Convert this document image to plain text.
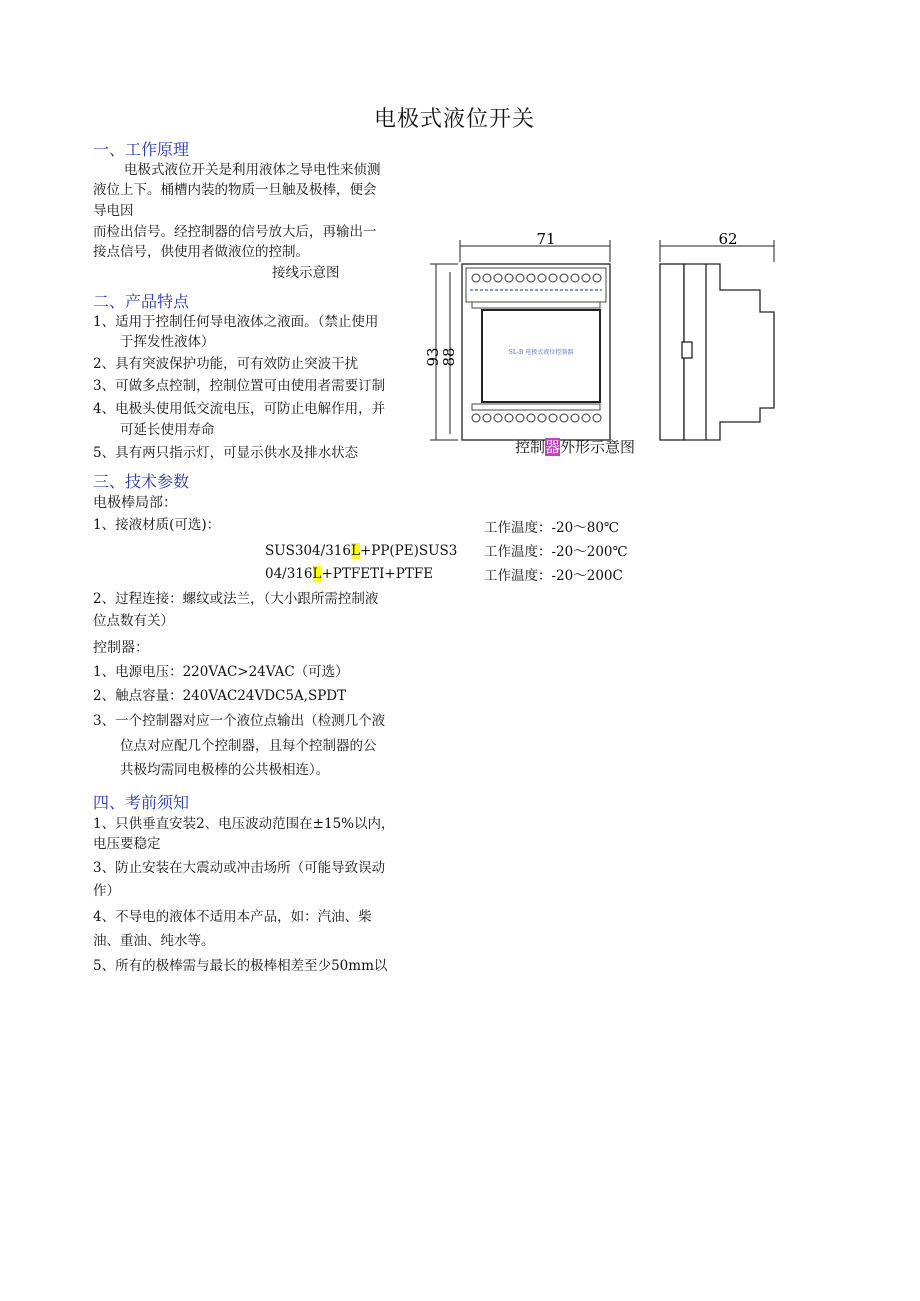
电极式液位开关
一、工作原理
电极式液位开关是利用液体之导电性来侦测
液位上下。桶槽内装的物质一旦触及极棒，便会
导电因
而检出信号。经控制器的信号放大后，再输出一
接点信号，供使用者做液位的控制。
接线示意图
二、产品特点
1、适用于控制任何导电液体之液面。（禁止使用
于挥发性液体）
2、具有突波保护功能，可有效防止突波干扰
3、可做多点控制，控制位置可由使用者需要订制
4、电极头使用低交流电压，可防止电解作用，并
可延长使用寿命
5、具有两只指示灯，可显示供水及排水状态
71	62
93
88	SL-B 电极式液位控制器
控制器外形示意图
三、技术参数
电极棒局部：
1、接液材质(可选)：
SUS304/316L+PP(PE)SUS3
04/316L+PTFETI+PTFE
工作温度：-20～80℃
工作温度：-20～200℃
工作温度：-20～200C
2、过程连接：螺纹或法兰，（大小跟所需控制液
位点数有关）
控制器：
1、电源电压：220VAC>24VAC（可选）
2、触点容量：240VAC24VDC5A,SPDT
3、一个控制器对应一个液位点输出（检测几个液
位点对应配几个控制器，且每个控制器的公
共极均需同电极棒的公共极相连）。
四、考前须知
1、只供垂直安装2、电压波动范围在±15%以内，
电压要稳定
3、防止安装在大震动或冲击场所（可能导致误动
作）
4、不导电的液体不适用本产品，如：汽油、柴
油、重油、纯水等。
5、所有的极棒需与最长的极棒相差至少50mm以
